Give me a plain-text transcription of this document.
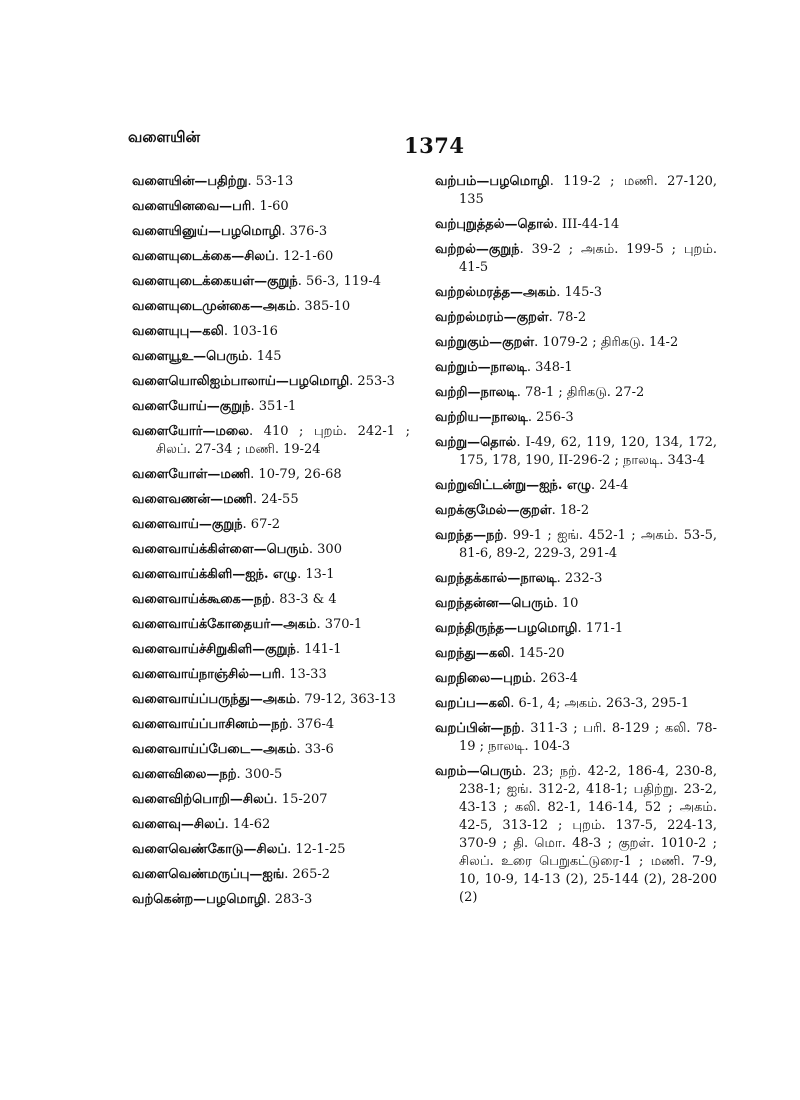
வளையின்	1374
வளையின்—பதிற்று. 53-13
வளையினவை—பரி. 1-60
வளையினுய்—பழமொழி. 376-3
வளையுடைக்கை—சிலப். 12-1-60
வளையுடைக்கையள்—குறுந். 56-3, 119-4
வளையுடைமுன்கை—அகம். 385-10
வளையுபு—கலி. 103-16
வளையூஉ—பெரும். 145
வளையொலிஐம்பாலாய்—பழமொழி. 253-3
வளையோய்—குறுந். 351-1
வளையோர்—மலை. 410 ; புறம். 242-1 ; சிலப். 27-34 ; மணி. 19-24
வளையோள்—மணி. 10-79, 26-68
வளைவணன்—மணி. 24-55
வளைவாய்—குறுந். 67-2
வளைவாய்க்கிள்ளை—பெரும். 300
வளைவாய்க்கிளி—ஐந். எழு. 13-1
வளைவாய்க்கூகை—நற். 83-3 & 4
வளைவாய்க்கோதையர்—அகம். 370-1
வளைவாய்ச்சிறுகிளி—குறுந். 141-1
வளைவாய்நாஞ்சில்—பரி. 13-33
வளைவாய்ப்பருந்து—அகம். 79-12, 363-13
வளைவாய்ப்பாசினம்—நற். 376-4
வளைவாய்ப்பேடை—அகம். 33-6
வளைவிலை—நற். 300-5
வளைவிற்பொறி—சிலப். 15-207
வளைவு—சிலப். 14-62
வளைவெண்கோடு—சிலப். 12-1-25
வளைவெண்மருப்பு—ஐங். 265-2
வற்கென்ற—பழமொழி. 283-3
வற்பம்—பழமொழி. 119-2 ; மணி. 27-120, 135
வற்புறுத்தல்—தொல். III-44-14
வற்றல்—குறுந். 39-2 ; அகம். 199-5 ; புறம். 41-5
வற்றல்மரத்த—அகம். 145-3
வற்றல்மரம்—குறள். 78-2
வற்றுகும்—குறள். 1079-2 ; திரிகடு. 14-2
வற்றும்—நாலடி. 348-1
வற்றி—நாலடி. 78-1 ; திரிகடு. 27-2
வற்றிய—நாலடி. 256-3
வற்று—தொல். I-49, 62, 119, 120, 134, 172, 175, 178, 190, II-296-2 ; நாலடி. 343-4
வற்றுவிட்டன்று—ஐந். எழு. 24-4
வறக்குமேல்—குறள். 18-2
வறந்த—நற். 99-1 ; ஐங். 452-1 ; அகம். 53-5, 81-6, 89-2, 229-3, 291-4
வறந்தக்கால்—நாலடி. 232-3
வறந்தன்ன—பெரும். 10
வறந்திருந்த—பழமொழி. 171-1
வறந்து—கலி. 145-20
வறநிலை—புறம். 263-4
வறப்ப—கலி. 6-1, 4; அகம். 263-3, 295-1
வறப்பின்—நற். 311-3 ; பரி. 8-129 ; கலி. 78-19 ; நாலடி. 104-3
வறம்—பெரும். 23; நற். 42-2, 186-4, 230-8, 238-1; ஐங். 312-2, 418-1; பதிற்று. 23-2, 43-13 ; கலி. 82-1, 146-14, 52 ; அகம். 42-5, 313-12 ; புறம். 137-5, 224-13, 370-9 ; தி. மொ. 48-3 ; குறள். 1010-2 ; சிலப். உரை பெறுகட்டுரை-1 ; மணி. 7-9, 10, 10-9, 14-13 (2), 25-144 (2), 28-200 (2)
